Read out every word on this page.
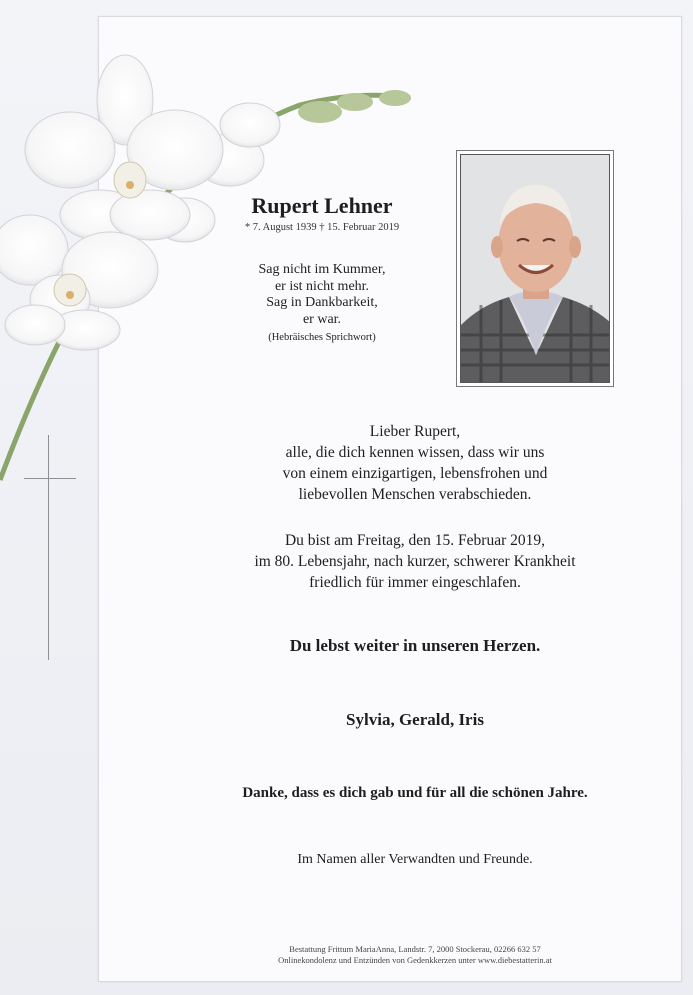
Rupert Lehner
* 7. August 1939 † 15. Februar 2019
Sag nicht im Kummer,
er ist nicht mehr.
Sag in Dankbarkeit,
er war.
(Hebräisches Sprichwort)
Lieber Rupert,
alle, die dich kennen wissen, dass wir uns
von einem einzigartigen, lebensfrohen und
liebevollen Menschen verabschieden.
Du bist am Freitag, den 15. Februar 2019,
im 80. Lebensjahr, nach kurzer, schwerer Krankheit
friedlich für immer eingeschlafen.
Du lebst weiter in unseren Herzen.
Sylvia, Gerald, Iris
Danke, dass es dich gab und für all die schönen Jahre.
Im Namen aller Verwandten und Freunde.
Bestattung Frittum MariaAnna, Landstr. 7, 2000 Stockerau, 02266 632 57
Onlinekondolenz und Entzünden von Gedenkkerzen unter www.diebestatterin.at
